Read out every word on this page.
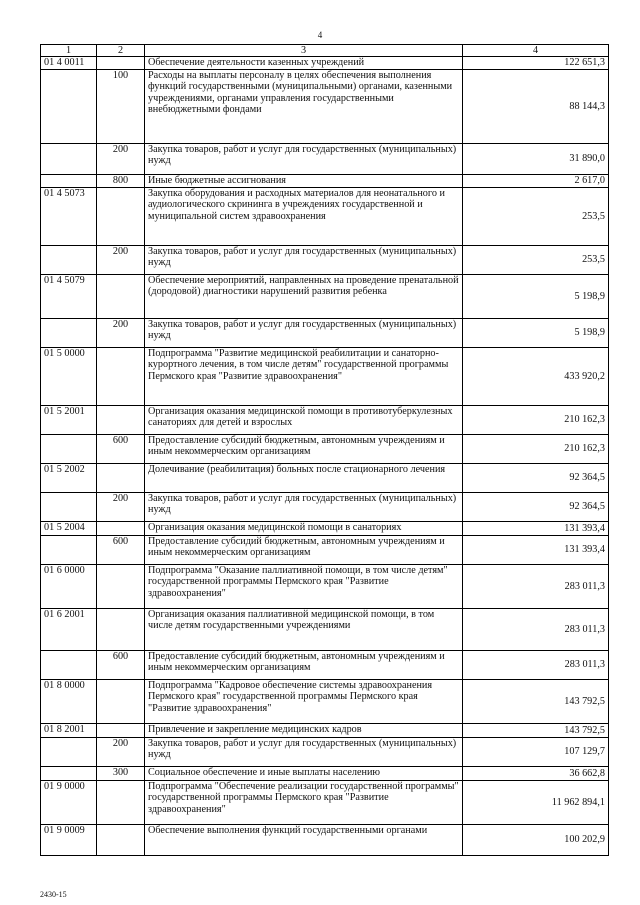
4
1	2	3	4
01 4 0011		Обеспечение деятельности казенных учреждений	122 651,3
	100	Расходы на выплаты персоналу в целях обеспечения выполнения функций государственными (муниципальными) органами, казенными учреждениями, органами управления государственными внебюджетными фондами	88 144,3
	200	Закупка товаров, работ и услуг для государственных (муниципальных) нужд	31 890,0
	800	Иные бюджетные ассигнования	2 617,0
01 4 5073		Закупка оборудования и расходных материалов для неонатального и аудиологического скрининга в учреждениях государственной и муниципальной систем здравоохранения	253,5
	200	Закупка товаров, работ и услуг для государственных (муниципальных) нужд	253,5
01 4 5079		Обеспечение мероприятий, направленных на проведение пренатальной (дородовой) диагностики нарушений развития ребенка	5 198,9
	200	Закупка товаров, работ и услуг для государственных (муниципальных) нужд	5 198,9
01 5 0000		Подпрограмма "Развитие медицинской реабилитации и санаторно-курортного лечения, в том числе детям" государственной программы Пермского края "Развитие здравоохранения"	433 920,2
01 5 2001		Организация оказания медицинской помощи в противотуберкулезных санаториях для детей и взрослых	210 162,3
	600	Предоставление субсидий бюджетным, автономным учреждениям и иным некоммерческим организациям	210 162,3
01 5 2002		Долечивание (реабилитация) больных после стационарного лечения	92 364,5
	200	Закупка товаров, работ и услуг для государственных (муниципальных) нужд	92 364,5
01 5 2004		Организация оказания медицинской помощи в санаториях	131 393,4
	600	Предоставление субсидий бюджетным, автономным учреждениям и иным некоммерческим организациям	131 393,4
01 6 0000		Подпрограмма "Оказание паллиативной помощи, в том числе детям" государственной программы Пермского края "Развитие здравоохранения"	283 011,3
01 6 2001		Организация оказания паллиативной медицинской помощи, в том числе детям государственными учреждениями	283 011,3
	600	Предоставление субсидий бюджетным, автономным учреждениям и иным некоммерческим организациям	283 011,3
01 8 0000		Подпрограмма "Кадровое обеспечение системы здравоохранения Пермского края" государственной программы Пермского края "Развитие здравоохранения"	143 792,5
01 8 2001		Привлечение и закрепление медицинских кадров	143 792,5
	200	Закупка товаров, работ и услуг для государственных (муниципальных) нужд	107 129,7
	300	Социальное обеспечение и иные выплаты населению	36 662,8
01 9 0000		Подпрограмма "Обеспечение реализации государственной программы" государственной программы Пермского края "Развитие здравоохранения"	11 962 894,1
01 9 0009		Обеспечение выполнения функций государственными органами	100 202,9
2430-15
